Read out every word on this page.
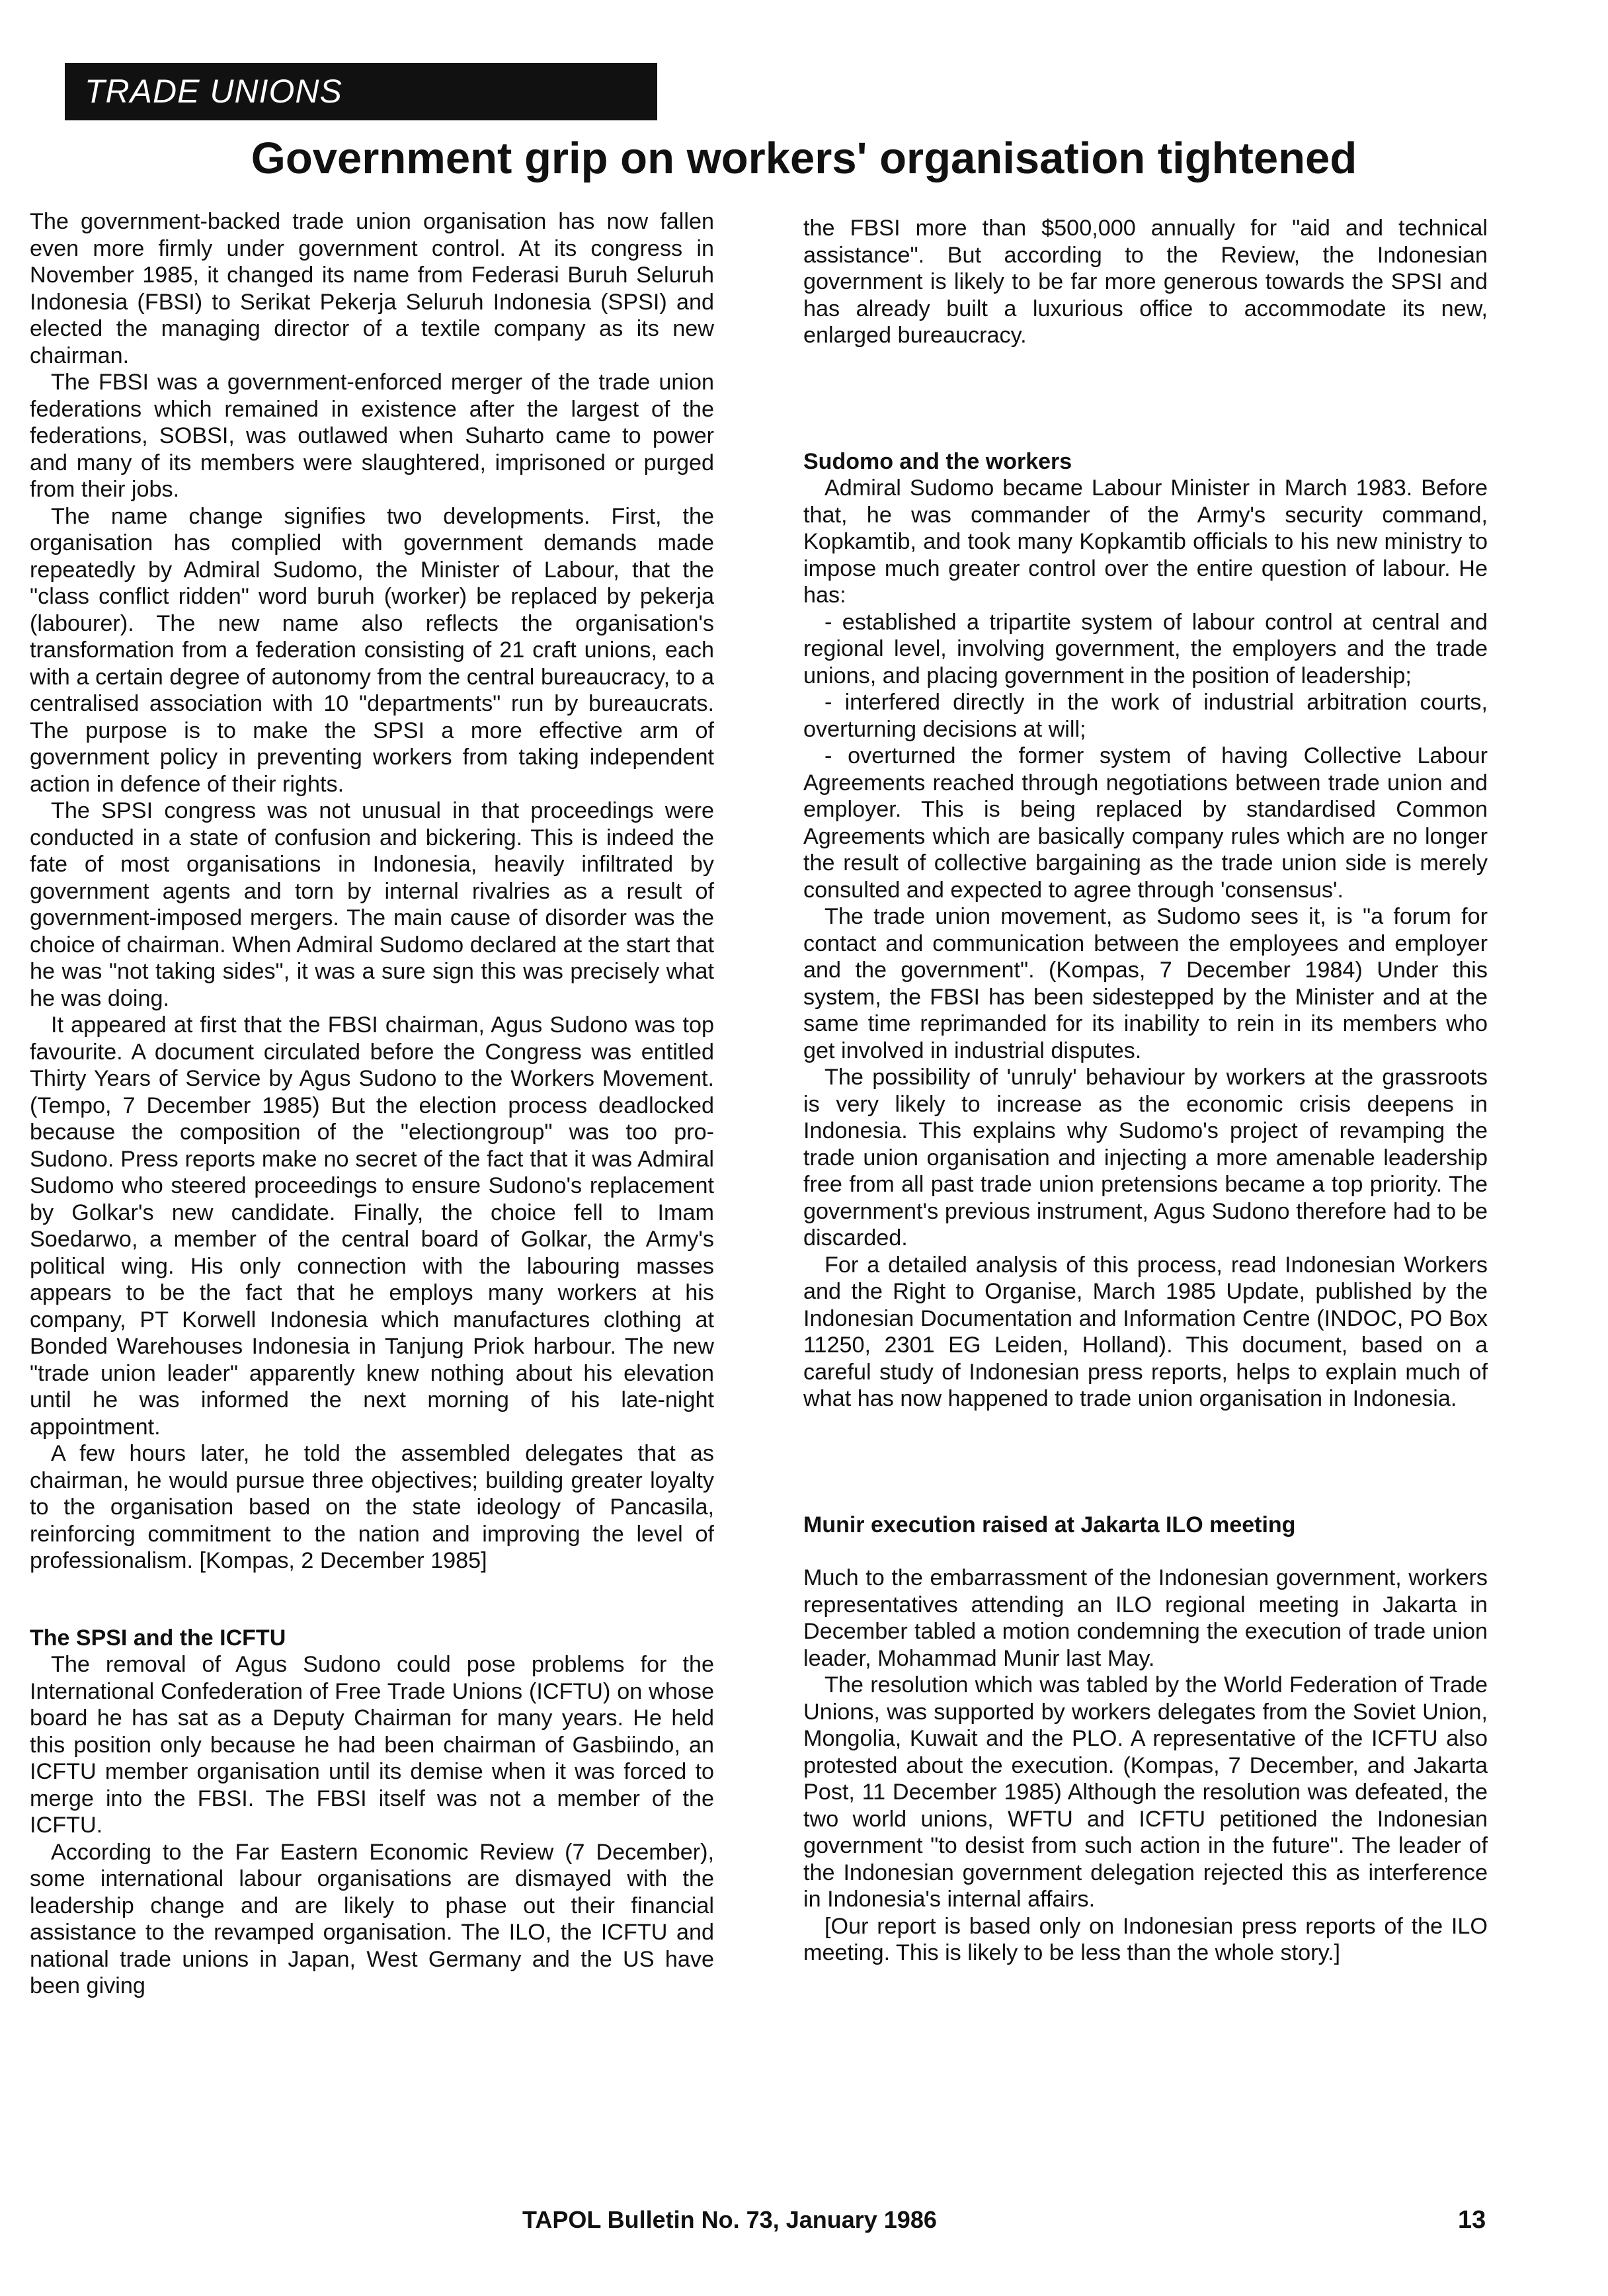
TRADE UNIONS
Government grip on workers' organisation tightened

The government-backed trade union organisation has now fallen even more firmly under government control. At its congress in November 1985, it changed its name from Federasi Buruh Seluruh Indonesia (FBSI) to Serikat Pekerja Seluruh Indonesia (SPSI) and elected the managing director of a textile company as its new chairman.

The FBSI was a government-enforced merger of the trade union federations which remained in existence after the largest of the federations, SOBSI, was outlawed when Suharto came to power and many of its members were slaughtered, imprisoned or purged from their jobs.

The name change signifies two developments. First, the organisation has complied with government demands made repeatedly by Admiral Sudomo, the Minister of Labour, that the "class conflict ridden" word buruh (worker) be replaced by pekerja (labourer). The new name also reflects the organisation's transformation from a federation consisting of 21 craft unions, each with a certain degree of autonomy from the central bureaucracy, to a centralised association with 10 "departments" run by bureaucrats. The purpose is to make the SPSI a more effective arm of government policy in preventing workers from taking independent action in defence of their rights.

The SPSI congress was not unusual in that proceedings were conducted in a state of confusion and bickering. This is indeed the fate of most organisations in Indonesia, heavily infiltrated by government agents and torn by internal rivalries as a result of government-imposed mergers. The main cause of disorder was the choice of chairman. When Admiral Sudomo declared at the start that he was "not taking sides", it was a sure sign this was precisely what he was doing.

It appeared at first that the FBSI chairman, Agus Sudono was top favourite. A document circulated before the Congress was entitled Thirty Years of Service by Agus Sudono to the Workers Movement. (Tempo, 7 December 1985) But the election process deadlocked because the composition of the "electiongroup" was too pro-Sudono. Press reports make no secret of the fact that it was Admiral Sudomo who steered proceedings to ensure Sudono's replacement by Golkar's new candidate. Finally, the choice fell to Imam Soedarwo, a member of the central board of Golkar, the Army's political wing. His only connection with the labouring masses appears to be the fact that he employs many workers at his company, PT Korwell Indonesia which manufactures clothing at Bonded Warehouses Indonesia in Tanjung Priok harbour. The new "trade union leader" apparently knew nothing about his elevation until he was informed the next morning of his late-night appointment.

A few hours later, he told the assembled delegates that as chairman, he would pursue three objectives; building greater loyalty to the organisation based on the state ideology of Pancasila, reinforcing commitment to the nation and improving the level of professionalism. [Kompas, 2 December 1985]

The SPSI and the ICFTU

The removal of Agus Sudono could pose problems for the International Confederation of Free Trade Unions (ICFTU) on whose board he has sat as a Deputy Chairman for many years. He held this position only because he had been chairman of Gasbiindo, an ICFTU member organisation until its demise when it was forced to merge into the FBSI. The FBSI itself was not a member of the ICFTU.

According to the Far Eastern Economic Review (7 December), some international labour organisations are dismayed with the leadership change and are likely to phase out their financial assistance to the revamped organisation. The ILO, the ICFTU and national trade unions in Japan, West Germany and the US have been giving

the FBSI more than $500,000 annually for "aid and technical assistance". But according to the Review, the Indonesian government is likely to be far more generous towards the SPSI and has already built a luxurious office to accommodate its new, enlarged bureaucracy.

Sudomo and the workers

Admiral Sudomo became Labour Minister in March 1983. Before that, he was commander of the Army's security command, Kopkamtib, and took many Kopkamtib officials to his new ministry to impose much greater control over the entire question of labour. He has:

- established a tripartite system of labour control at central and regional level, involving government, the employers and the trade unions, and placing government in the position of leadership;

- interfered directly in the work of industrial arbitration courts, overturning decisions at will;

- overturned the former system of having Collective Labour Agreements reached through negotiations between trade union and employer. This is being replaced by standardised Common Agreements which are basically company rules which are no longer the result of collective bargaining as the trade union side is merely consulted and expected to agree through 'consensus'.

The trade union movement, as Sudomo sees it, is "a forum for contact and communication between the employees and employer and the government". (Kompas, 7 December 1984) Under this system, the FBSI has been sidestepped by the Minister and at the same time reprimanded for its inability to rein in its members who get involved in industrial disputes.

The possibility of 'unruly' behaviour by workers at the grassroots is very likely to increase as the economic crisis deepens in Indonesia. This explains why Sudomo's project of revamping the trade union organisation and injecting a more amenable leadership free from all past trade union pretensions became a top priority. The government's previous instrument, Agus Sudono therefore had to be discarded.

For a detailed analysis of this process, read Indonesian Workers and the Right to Organise, March 1985 Update, published by the Indonesian Documentation and Information Centre (INDOC, PO Box 11250, 2301 EG Leiden, Holland). This document, based on a careful study of Indonesian press reports, helps to explain much of what has now happened to trade union organisation in Indonesia.

Munir execution raised at Jakarta ILO meeting

Much to the embarrassment of the Indonesian government, workers representatives attending an ILO regional meeting in Jakarta in December tabled a motion condemning the execution of trade union leader, Mohammad Munir last May.

The resolution which was tabled by the World Federation of Trade Unions, was supported by workers delegates from the Soviet Union, Mongolia, Kuwait and the PLO. A representative of the ICFTU also protested about the execution. (Kompas, 7 December, and Jakarta Post, 11 December 1985) Although the resolution was defeated, the two world unions, WFTU and ICFTU petitioned the Indonesian government "to desist from such action in the future". The leader of the Indonesian government delegation rejected this as interference in Indonesia's internal affairs.

[Our report is based only on Indonesian press reports of the ILO meeting. This is likely to be less than the whole story.]

TAPOL Bulletin No. 73, January 1986	13
